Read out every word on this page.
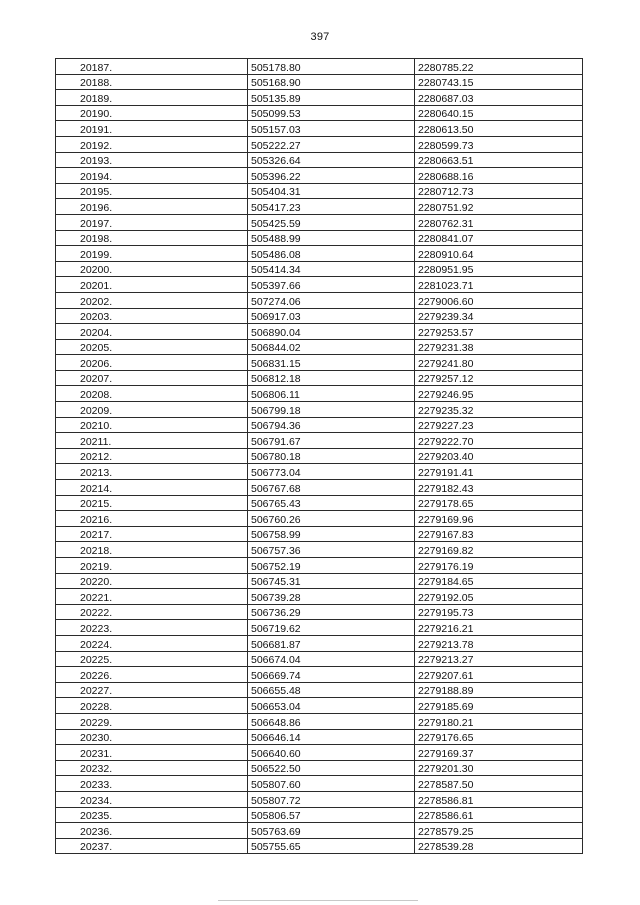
397
20187.	505178.80	2280785.22
20188.	505168.90	2280743.15
20189.	505135.89	2280687.03
20190.	505099.53	2280640.15
20191.	505157.03	2280613.50
20192.	505222.27	2280599.73
20193.	505326.64	2280663.51
20194.	505396.22	2280688.16
20195.	505404.31	2280712.73
20196.	505417.23	2280751.92
20197.	505425.59	2280762.31
20198.	505488.99	2280841.07
20199.	505486.08	2280910.64
20200.	505414.34	2280951.95
20201.	505397.66	2281023.71
20202.	507274.06	2279006.60
20203.	506917.03	2279239.34
20204.	506890.04	2279253.57
20205.	506844.02	2279231.38
20206.	506831.15	2279241.80
20207.	506812.18	2279257.12
20208.	506806.11	2279246.95
20209.	506799.18	2279235.32
20210.	506794.36	2279227.23
20211.	506791.67	2279222.70
20212.	506780.18	2279203.40
20213.	506773.04	2279191.41
20214.	506767.68	2279182.43
20215.	506765.43	2279178.65
20216.	506760.26	2279169.96
20217.	506758.99	2279167.83
20218.	506757.36	2279169.82
20219.	506752.19	2279176.19
20220.	506745.31	2279184.65
20221.	506739.28	2279192.05
20222.	506736.29	2279195.73
20223.	506719.62	2279216.21
20224.	506681.87	2279213.78
20225.	506674.04	2279213.27
20226.	506669.74	2279207.61
20227.	506655.48	2279188.89
20228.	506653.04	2279185.69
20229.	506648.86	2279180.21
20230.	506646.14	2279176.65
20231.	506640.60	2279169.37
20232.	506522.50	2279201.30
20233.	505807.60	2278587.50
20234.	505807.72	2278586.81
20235.	505806.57	2278586.61
20236.	505763.69	2278579.25
20237.	505755.65	2278539.28
